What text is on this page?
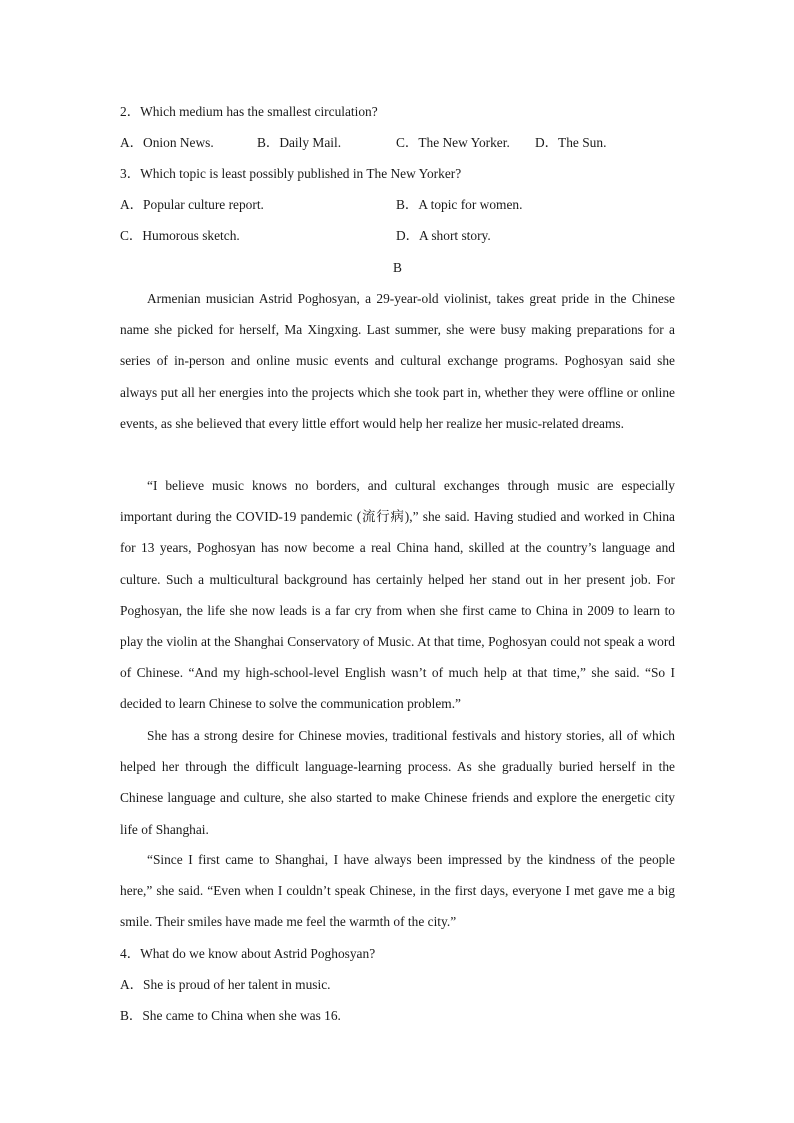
2．Which medium has the smallest circulation?
A．Onion News.	B．Daily Mail.	C．The New Yorker. D．The Sun.
3．Which topic is least possibly published in The New Yorker?
A．Popular culture report.	B．A topic for women.
C．Humorous sketch.	D．A short story.
B

Armenian musician Astrid Poghosyan, a 29-year-old violinist, takes great pride in the Chinese name she picked for herself, Ma Xingxing. Last summer, she were busy making preparations for a series of in-person and online music events and cultural exchange programs. Poghosyan said she always put all her energies into the projects which she took part in, whether they were offline or online events, as she believed that every little effort would help her realize her music-related dreams.

“I believe music knows no borders, and cultural exchanges through music are especially important during the COVID-19 pandemic (流行病),” she said. Having studied and worked in China for 13 years, Poghosyan has now become a real China hand, skilled at the country’s language and culture. Such a multicultural background has certainly helped her stand out in her present job. For Poghosyan, the life she now leads is a far cry from when she first came to China in 2009 to learn to play the violin at the Shanghai Conservatory of Music. At that time, Poghosyan could not speak a word of Chinese. “And my high-school-level English wasn’t of much help at that time,” she said. “So I decided to learn Chinese to solve the communication problem.”

She has a strong desire for Chinese movies, traditional festivals and history stories, all of which helped her through the difficult language-learning process. As she gradually buried herself in the Chinese language and culture, she also started to make Chinese friends and explore the energetic city life of Shanghai.

“Since I first came to Shanghai, I have always been impressed by the kindness of the people here,” she said. “Even when I couldn’t speak Chinese, in the first days, everyone I met gave me a big smile. Their smiles have made me feel the warmth of the city.”

4．What do we know about Astrid Poghosyan?
A．She is proud of her talent in music.
B．She came to China when she was 16.
